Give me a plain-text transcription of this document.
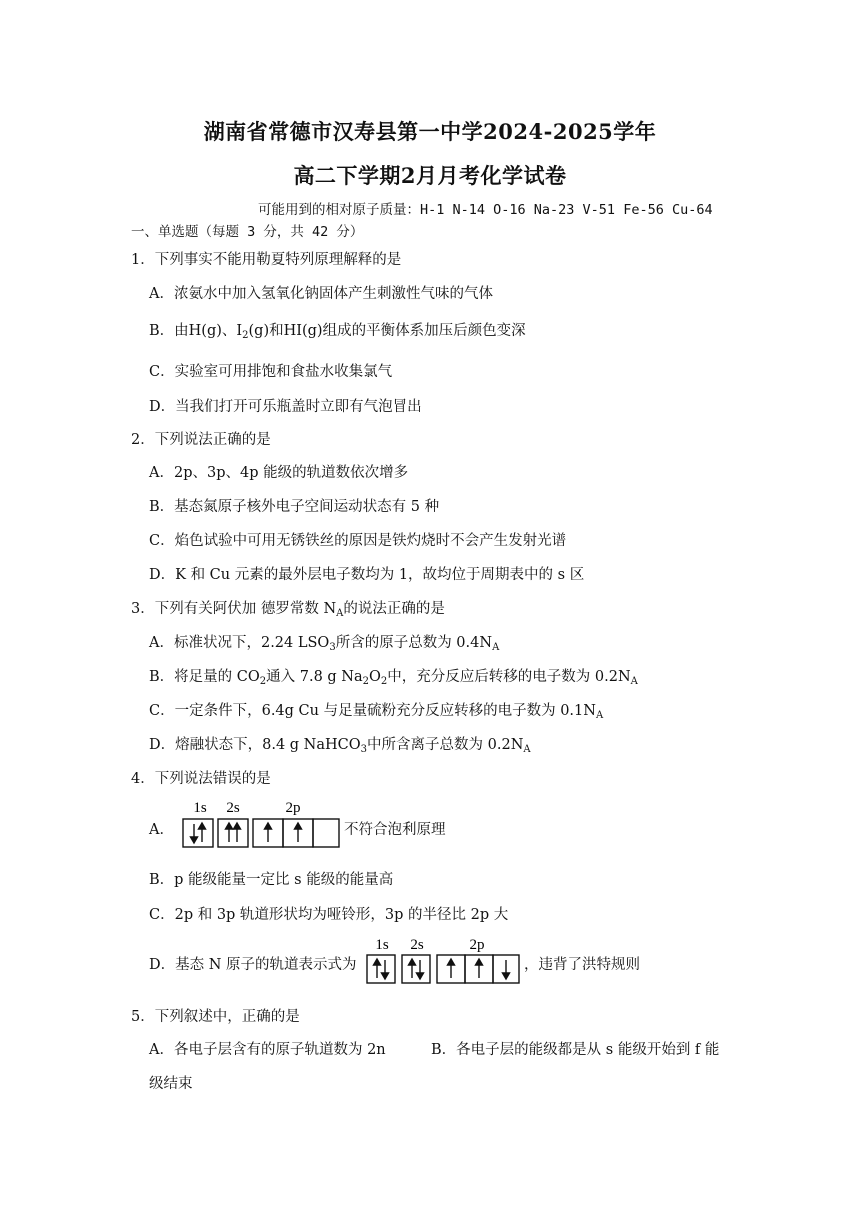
湖南省常德市汉寿县第一中学2024-2025学年
高二下学期2月月考化学试卷
可能用到的相对原子质量：H-1 N-14 O-16 Na-23 V-51 Fe-56 Cu-64
一、单选题（每题 3 分，共 42 分）
1．下列事实不能用勒夏特列原理解释的是
A．浓氨水中加入氢氧化钠固体产生刺激性气味的气体
B．由H(g)、$I_2(g)$和HI(g)组成的平衡体系加压后颜色变深
C．实验室可用排饱和食盐水收集氯气
D．当我们打开可乐瓶盖时立即有气泡冒出
2．下列说法正确的是
A．2p、3p、4p 能级的轨道数依次增多
B．基态氮原子核外电子空间运动状态有 5 种
C．焰色试验中可用无锈铁丝的原因是铁灼烧时不会产生发射光谱
D．K 和 Cu 元素的最外层电子数均为 1，故均位于周期表中的 s 区
3．下列有关阿伏加 德罗常数 $N_A$的说法正确的是
A．标准状况下，2.24 $LSO_3$所含的原子总数为 $0.4N_A$
B．将足量的 $CO_2$通入 7.8 g $Na_2O_2$中，充分反应后转移的电子数为 $0.2N_A$
C．一定条件下，6.4g Cu 与足量硫粉充分反应转移的电子数为 $0.1N_A$
D．熔融状态下，8.4 g NaHCO$_3$中所含离子总数为 $0.2N_A$
4．下列说法错误的是
A．
1s 2s	2p
不符合泡利原理
B．p 能级能量一定比 s 能级的能量高
C．2p 和 3p 轨道形状均为哑铃形，3p 的半径比 2p 大
D．基态 N 原子的轨道表示式为
1s 2s	2p
，违背了洪特规则
5．下列叙述中，正确的是
A．各电子层含有的原子轨道数为 2n	B．各电子层的能级都是从 s 能级开始到 f 能
级结束
